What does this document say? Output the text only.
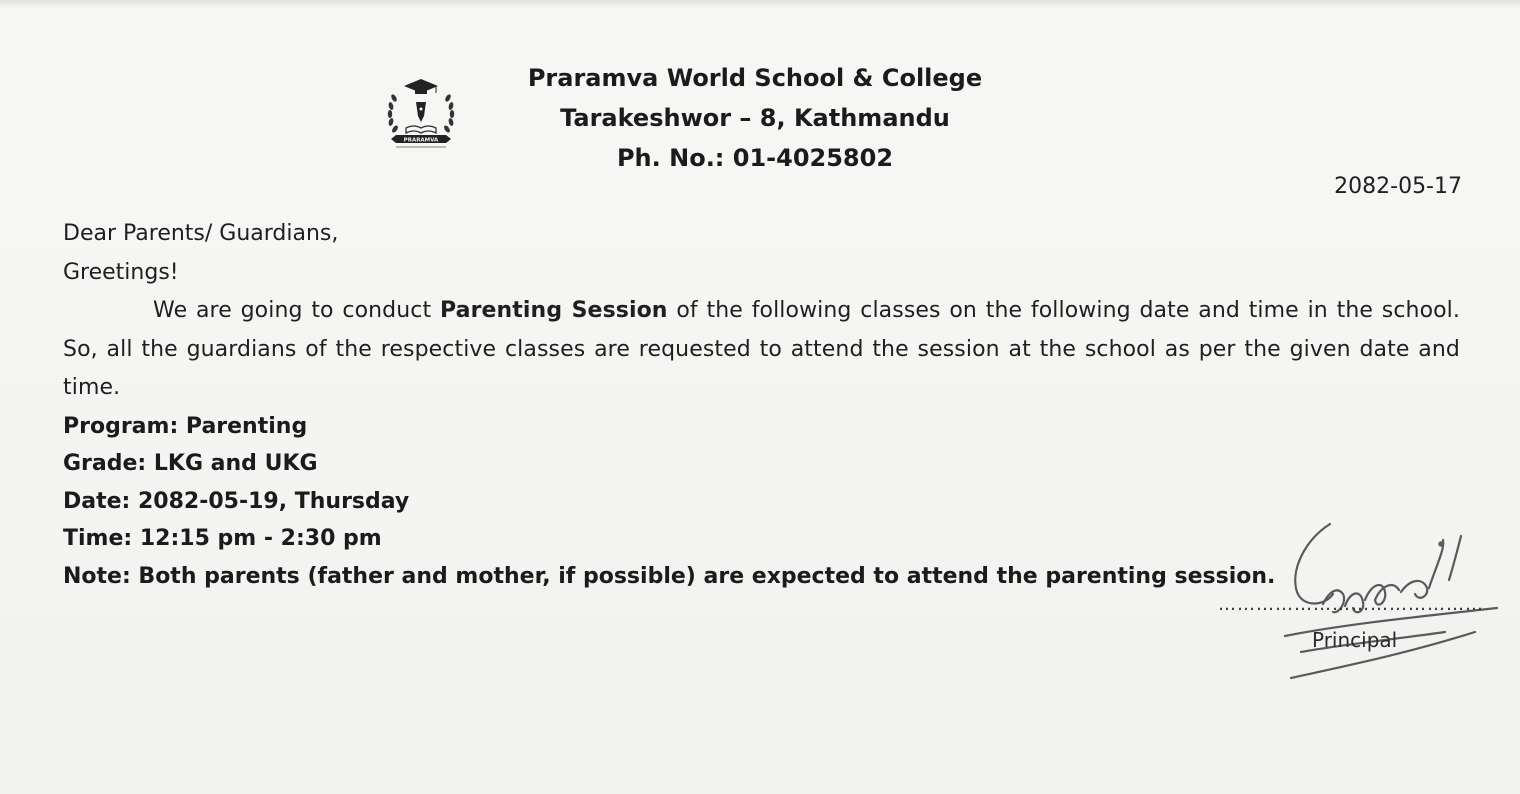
PRARAMVA
Praramva World School & College
Tarakeshwor – 8, Kathmandu
Ph. No.: 01-4025802
2082-05-17
Dear Parents/ Guardians,
Greetings!
We are going to conduct Parenting Session of the following classes on the following date and time in the school. So, all the guardians of the respective classes are requested to attend the session at the school as per the given date and time.
Program: Parenting
Grade: LKG and UKG
Date: 2082-05-19, Thursday
Time: 12:15 pm - 2:30 pm
Note: Both parents (father and mother, if possible) are expected to attend the parenting session.
……………………………………
Principal
